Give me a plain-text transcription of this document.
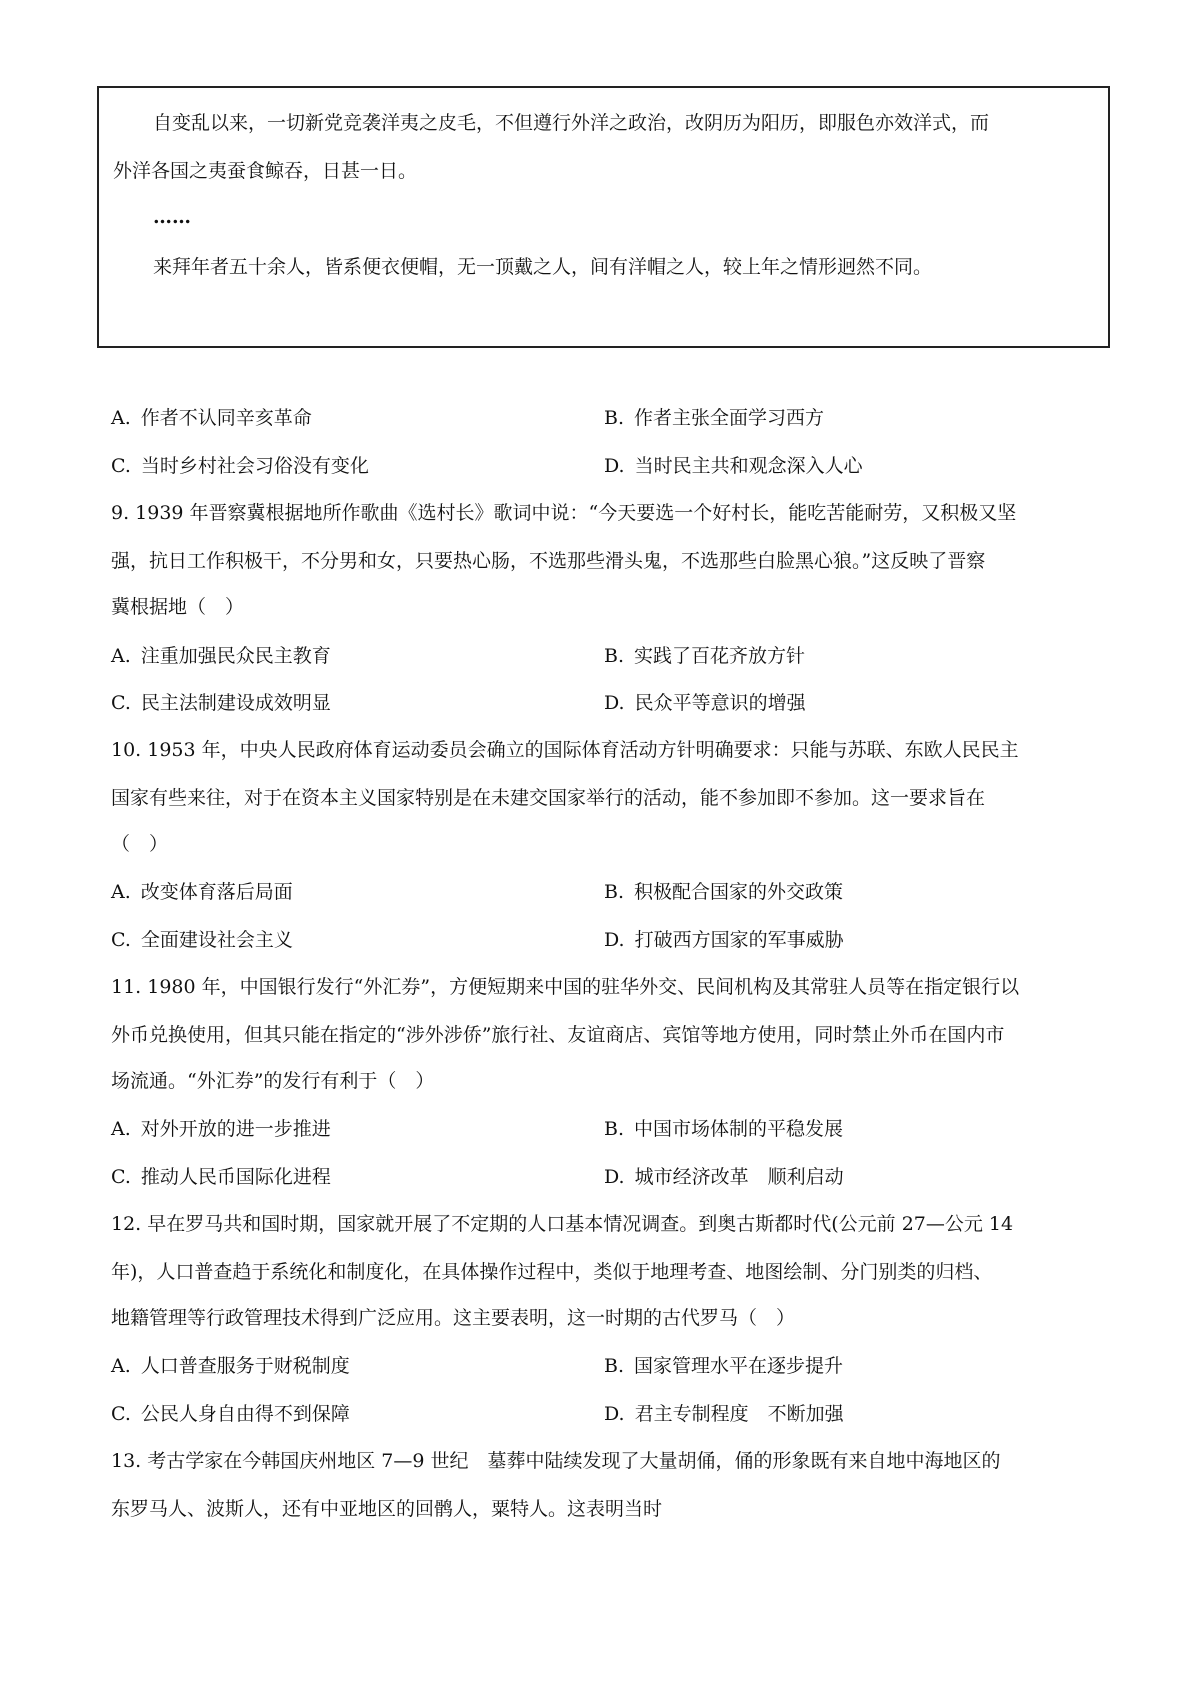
自变乱以来，一切新党竞袭洋夷之皮毛，不但遵行外洋之政治，改阴历为阳历，即服色亦效洋式，而
外洋各国之夷蚕食鲸吞，日甚一日。
……
来拜年者五十余人，皆系便衣便帽，无一顶戴之人，间有洋帽之人，较上年之情形迥然不同。
A. 作者不认同辛亥革命	B. 作者主张全面学习西方
C. 当时乡村社会习俗没有变化	D. 当时民主共和观念深入人心
9. 1939 年晋察冀根据地所作歌曲《选村长》歌词中说：“今天要选一个好村长，能吃苦能耐劳，又积极又坚
强，抗日工作积极干，不分男和女，只要热心肠，不选那些滑头鬼，不选那些白脸黑心狼。”这反映了晋察
冀根据地（　）
A. 注重加强民众民主教育	B. 实践了百花齐放方针
C. 民主法制建设成效明显	D. 民众平等意识的增强
10. 1953 年，中央人民政府体育运动委员会确立的国际体育活动方针明确要求：只能与苏联、东欧人民民主
国家有些来往，对于在资本主义国家特别是在未建交国家举行的活动，能不参加即不参加。这一要求旨在
（　）
A. 改变体育落后局面	B. 积极配合国家的外交政策
C. 全面建设社会主义	D. 打破西方国家的军事威胁
11. 1980 年，中国银行发行“外汇券”，方便短期来中国的驻华外交、民间机构及其常驻人员等在指定银行以
外币兑换使用，但其只能在指定的“涉外涉侨”旅行社、友谊商店、宾馆等地方使用，同时禁止外币在国内市
场流通。“外汇券”的发行有利于（　）
A. 对外开放的进一步推进	B. 中国市场体制的平稳发展
C. 推动人民币国际化进程	D. 城市经济改革　顺利启动
12. 早在罗马共和国时期，国家就开展了不定期的人口基本情况调查。到奥古斯都时代(公元前 27—公元 14
年)，人口普查趋于系统化和制度化，在具体操作过程中，类似于地理考查、地图绘制、分门别类的归档、
地籍管理等行政管理技术得到广泛应用。这主要表明，这一时期的古代罗马（　）
A. 人口普查服务于财税制度	B. 国家管理水平在逐步提升
C. 公民人身自由得不到保障	D. 君主专制程度　不断加强
13. 考古学家在今韩国庆州地区 7—9 世纪　墓葬中陆续发现了大量胡俑，俑的形象既有来自地中海地区的
东罗马人、波斯人，还有中亚地区的回鹘人，粟特人。这表明当时
